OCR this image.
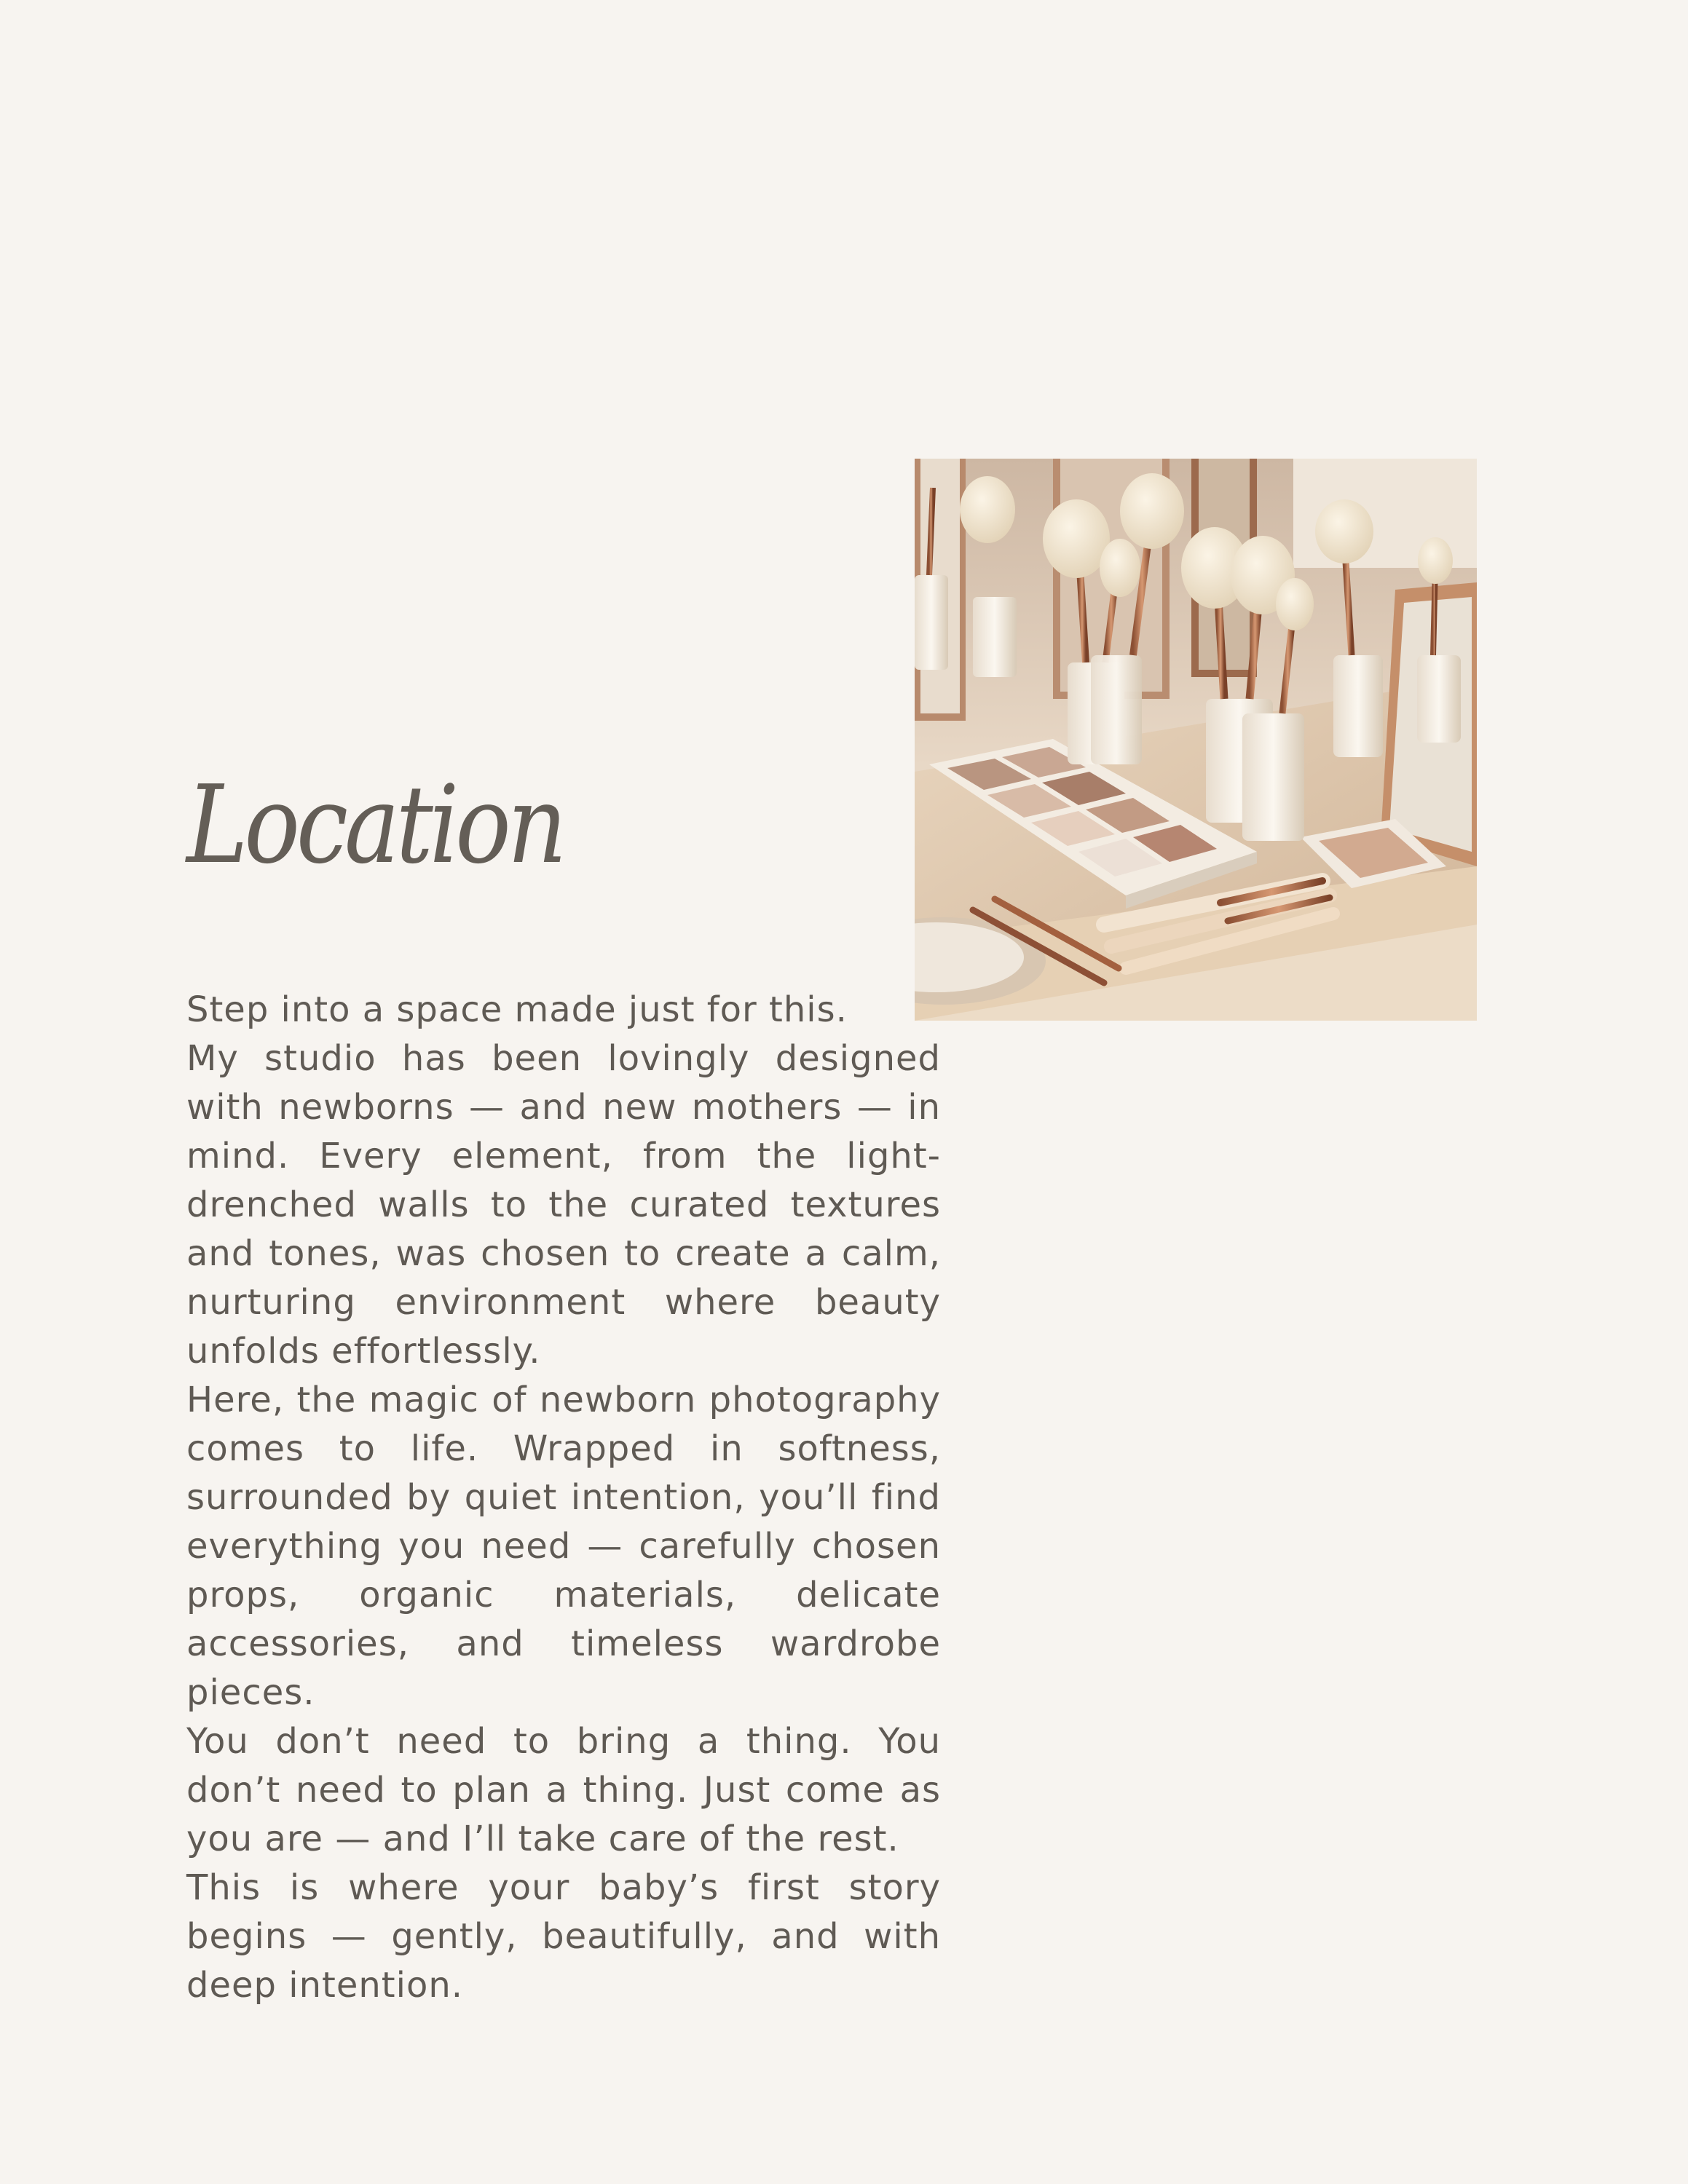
Location

Step into a space made just for this.

My studio has been lovingly designed with newborns — and new mothers — in mind. Every element, from the light-drenched walls to the curated textures and tones, was chosen to create a calm, nurturing environment where beauty unfolds effortlessly.

Here, the magic of newborn photography comes to life. Wrapped in softness, surrounded by quiet intention, you’ll find everything you need — carefully chosen props, organic materials, delicate accessories, and timeless wardrobe pieces.

You don’t need to bring a thing. You don’t need to plan a thing. Just come as you are — and I’ll take care of the rest.

This is where your baby’s first story begins — gently, beautifully, and with deep intention.
